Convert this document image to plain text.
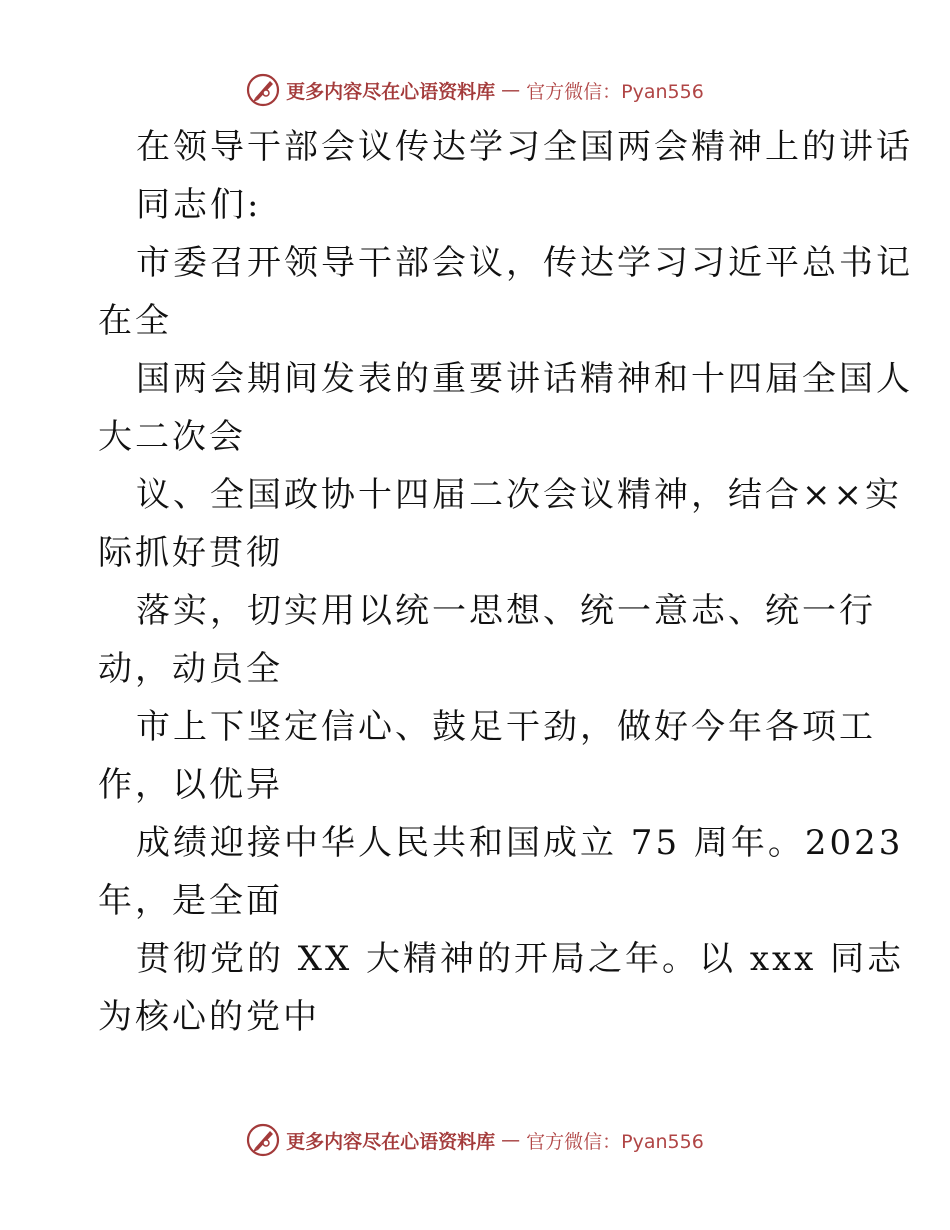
更多内容尽在心语资料库 — 官方微信：Pyan556
在领导干部会议传达学习全国两会精神上的讲话
同志们:
市委召开领导干部会议，传达学习习近平总书记
在全
国两会期间发表的重要讲话精神和十四届全国人
大二次会
议、全国政协十四届二次会议精神，结合××实
际抓好贯彻
落实，切实用以统一思想、统一意志、统一行
动，动员全
市上下坚定信心、鼓足干劲，做好今年各项工
作，以优异
成绩迎接中华人民共和国成立 75 周年。2023
年，是全面
贯彻党的 XX 大精神的开局之年。以 xxx 同志
为核心的党中
更多内容尽在心语资料库 — 官方微信：Pyan556
